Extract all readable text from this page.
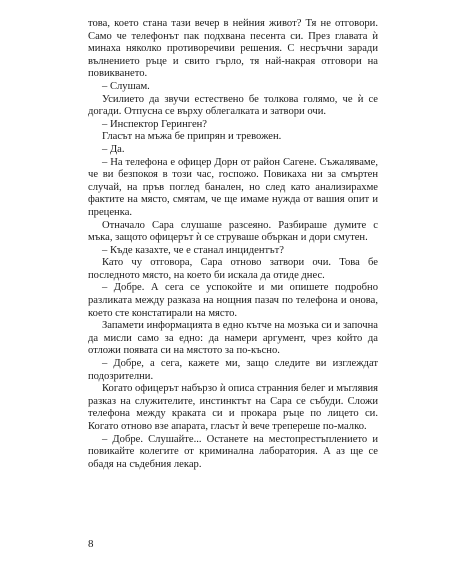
това, което стана тази вечер в нейния живот? Тя не отговори. Само че телефонът пак подхвана песента си. През главата ѝ минаха няколко противоречиви решения. С несръчни заради вълнението ръце и свито гърло, тя най-накрая отговори на повикването.

– Слушам.

Усилието да звучи естествено бе толкова голямо, че ѝ се догади. Отпусна се върху облегалката и затвори очи.

– Инспектор Геринген?

Гласът на мъжа бе припрян и тревожен.

– Да.

– На телефона е офицер Дорн от район Сагене. Съжаляваме, че ви безпокоя в този час, госпожо. Повикаха ни за смъртен случай, на пръв поглед банален, но след като анализирахме фактите на място, смятам, че ще имаме нужда от вашия опит и преценка.

Отначало Сара слушаше разсеяно. Разбираше думите с мъка, защото офицерът ѝ се струваше объркан и дори смутен.

– Къде казахте, че е станал инцидентът?

Като чу отговора, Сара отново затвори очи. Това бе последното място, на което би искала да отиде днес.

– Добре. А сега се успокойте и ми опишете подробно разликата между разказа на нощния пазач по телефона и онова, което сте констатирали на място.

Запамети информацията в едно кътче на мозъка си и започна да мисли само за едно: да намери аргумент, чрез който да отложи появата си на мястото за по-късно.

– Добре, а сега, кажете ми, защо следите ви изглеждат подозрителни.

Когато офицерът набързо ѝ описа странния белег и мъглявия разказ на служителите, инстинктът на Сара се събуди. Сложи телефона между краката си и прокара ръце по лицето си. Когато отново взе апарата, гласът ѝ вече трепереше по-малко.

– Добре. Слушайте... Останете на местопрестъплението и повикайте колегите от криминална лаборатория. А аз ще се обадя на съдебния лекар.

8
